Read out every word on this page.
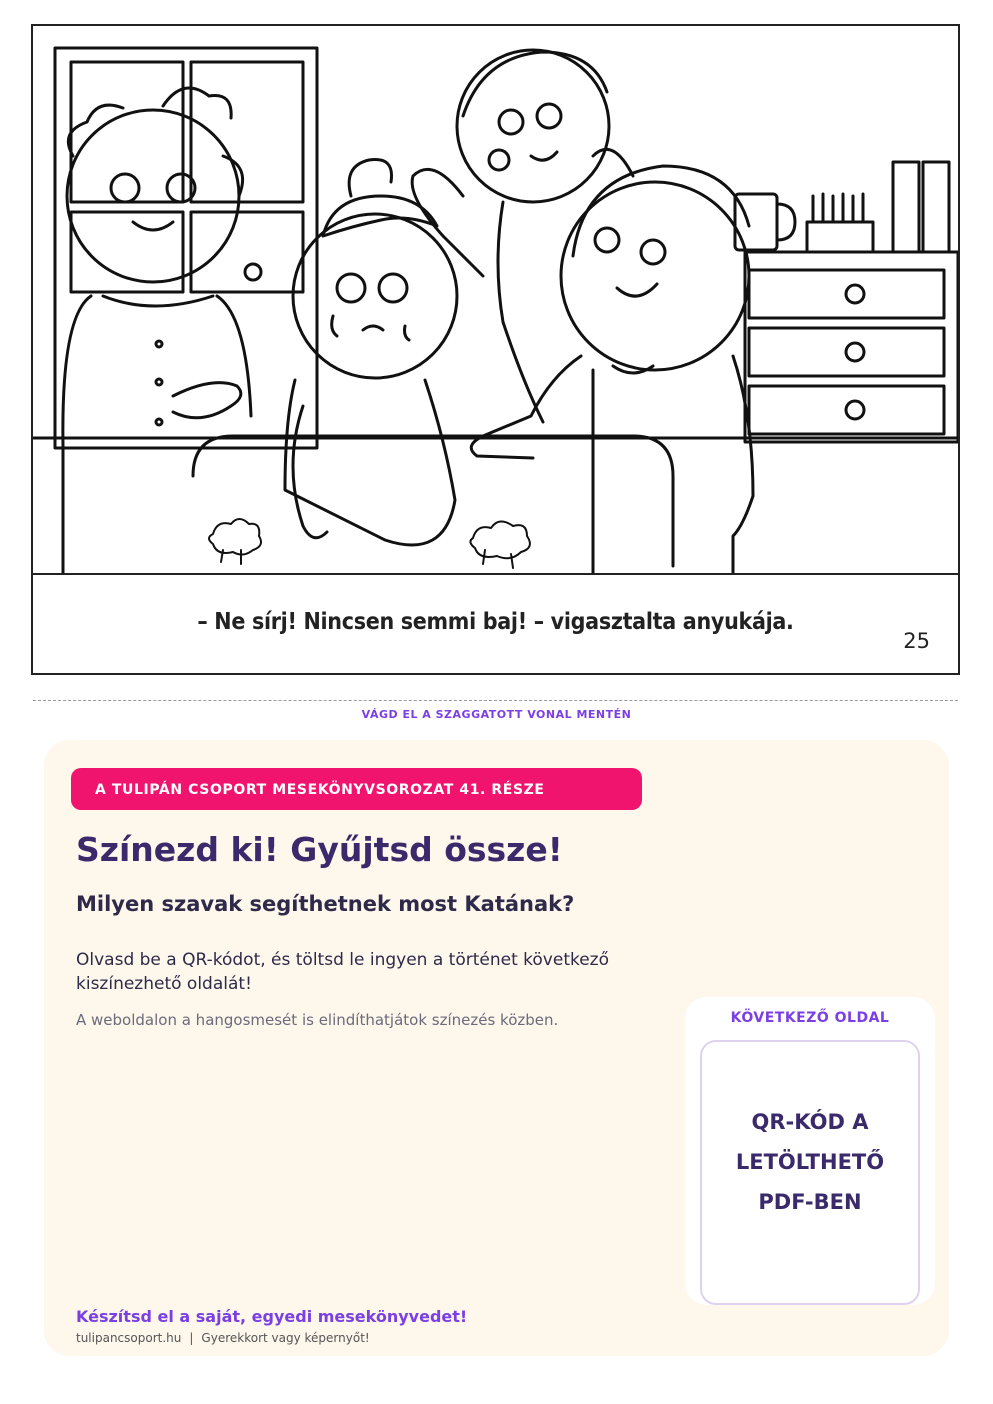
– Ne sírj! Nincsen semmi baj! – vigasztalta anyukája.
25
VÁGD EL A SZAGGATOTT VONAL MENTÉN
A TULIPÁN CSOPORT MESEKÖNYVSOROZAT 41. RÉSZE
Színezd ki! Gyűjtsd össze!
Milyen szavak segíthetnek most Katának?
Olvasd be a QR-kódot, és töltsd le ingyen a történet következő kiszínezhető oldalát!
A weboldalon a hangosmesét is elindíthatjátok színezés közben.	KÖVETKEZŐ OLDAL
QR-KÓD A LETÖLTHETŐ PDF-BEN
Készítsd el a saját, egyedi mesekönyvedet!
tulipancsoport.hu | Gyerekkort vagy képernyőt!
